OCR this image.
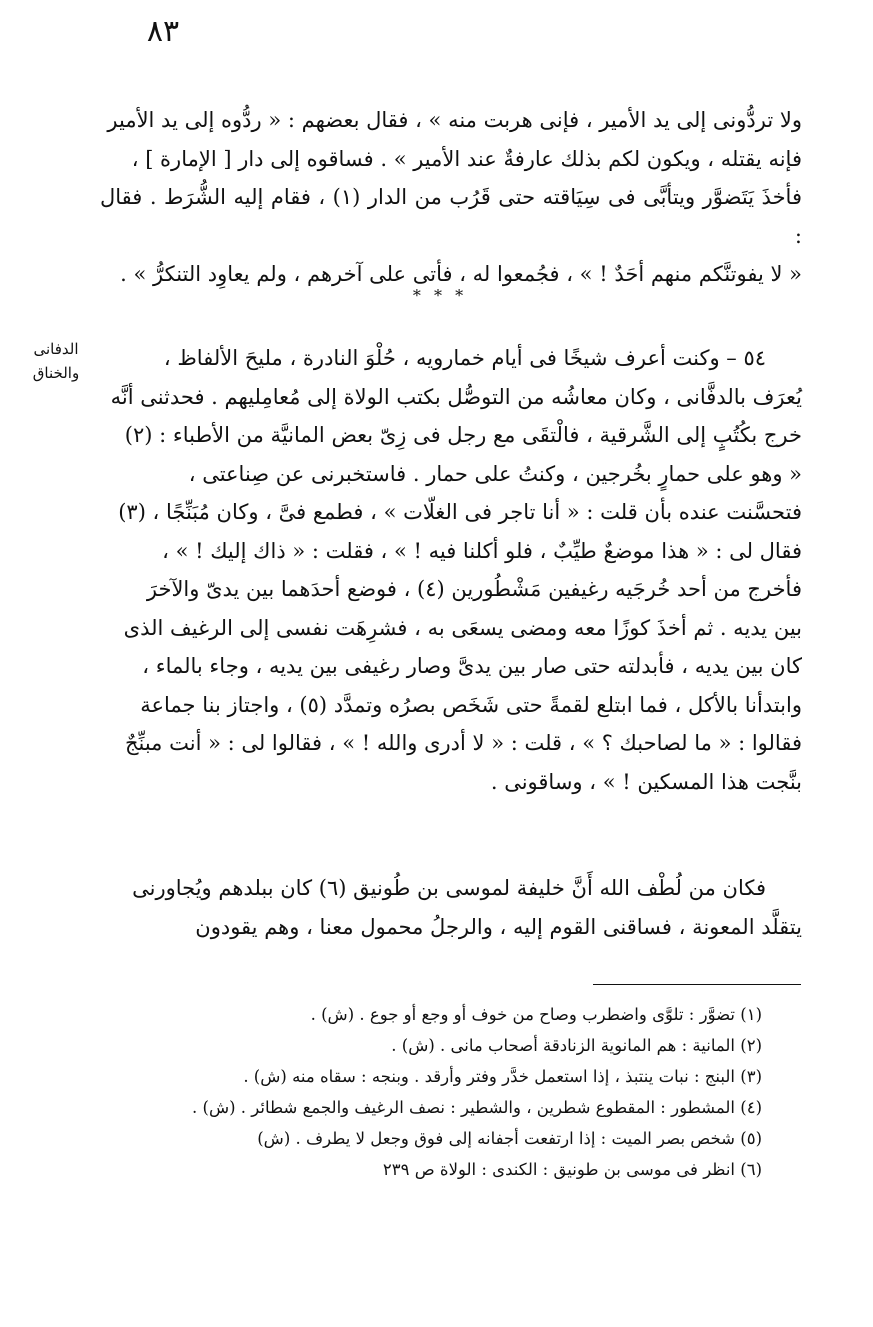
٨٣

ولا تردُّونى إلى يد الأمير ، فإنى هربت منه » ، فقال بعضهم : « ردُّوه إلى يد الأمير

فإنه يقتله ، ويكون لكم بذلك عارفةٌ عند الأمير » . فساقوه إلى دار [ الإمارة ] ،

فأخذَ يَتَضوَّر ويتأبَّى فى سِيَاقته حتى قَرُب من الدار (١) ، فقام إليه الشُّرَط . فقال :

« لا يفوتنَّكم منهم أحَدٌ ! » ، فجُمعوا له ، فأتى على آخرهم ، ولم يعاوِد التنكرُّ » .

* * *
الدفانى
والخناق

٥٤ – وكنت أعرف شيخًا فى أيام خمارويه ، حُلْوَ النادرة ، مليحَ الألفاظ ،

يُعرَف بالدفَّانى ، وكان معاشُه من التوصُّل بكتب الولاة إلى مُعامِليهم . فحدثنى أنَّه

خرج بكُتُبٍ إلى الشَّرقية ، فالْتقَى مع رجل فى زِىّ بعض المانيَّة من الأطباء : (٢)

« وهو على حمارٍ بخُرجين ، وكنتُ على حمار . فاستخبرنى عن صِناعتى ،

فتحسَّنت عنده بأن قلت : « أنا تاجر فى الغلّات » ، فطمع فىَّ ، وكان مُبَنِّجًا ، (٣)

فقال لى : « هذا موضعٌ طيِّبٌ ، فلو أكلنا فيه ! » ، فقلت : « ذاك إليك ! » ،

فأخرج من أحد خُرجَيه رغيفين مَشْطُورين (٤) ، فوضع أحدَهما بين يدىّ والآخرَ

بين يديه . ثم أخذَ كوزًا معه ومضى يسعَى به ، فشرِهَت نفسى إلى الرغيف الذى

كان بين يديه ، فأبدلته حتى صار بين يدىَّ وصار رغيفى بين يديه ، وجاء بالماء ،

وابتدأنا بالأكل ، فما ابتلع لقمةً حتى شَخَص بصرُه وتمدَّد (٥) ، واجتاز بنا جماعة

فقالوا : « ما لصاحبك ؟ » ، قلت : « لا أدرى والله ! » ، فقالوا لى : « أنت مبنِّجٌ

بنَّجت هذا المسكين ! » ، وساقونى .

فكان من لُطْف الله أَنَّ خليفة لموسى بن طُونيق (٦) كان ببلدهم ويُجاورنى

يتقلَّد المعونة ، فساقنى القوم إليه ، والرجلُ محمول معنا ، وهم يقودون

(١) تضوَّر : تلوَّى واضطرب وصاح من خوف أو وجع أو جوع . (ش) .

(٢) المانية : هم المانوية الزنادقة أصحاب مانى . (ش) .

(٣) البنج : نبات ينتبذ ، إذا استعمل خدَّر وفتر وأرقد . وبنجه : سقاه منه (ش) .

(٤) المشطور : المقطوع شطرين ، والشطير : نصف الرغيف والجمع شطائر . (ش) .

(٥) شخص بصر الميت : إذا ارتفعت أجفانه إلى فوق وجعل لا يطرف . (ش)

(٦) انظر فى موسى بن طونيق : الكندى : الولاة ص ٢٣٩
